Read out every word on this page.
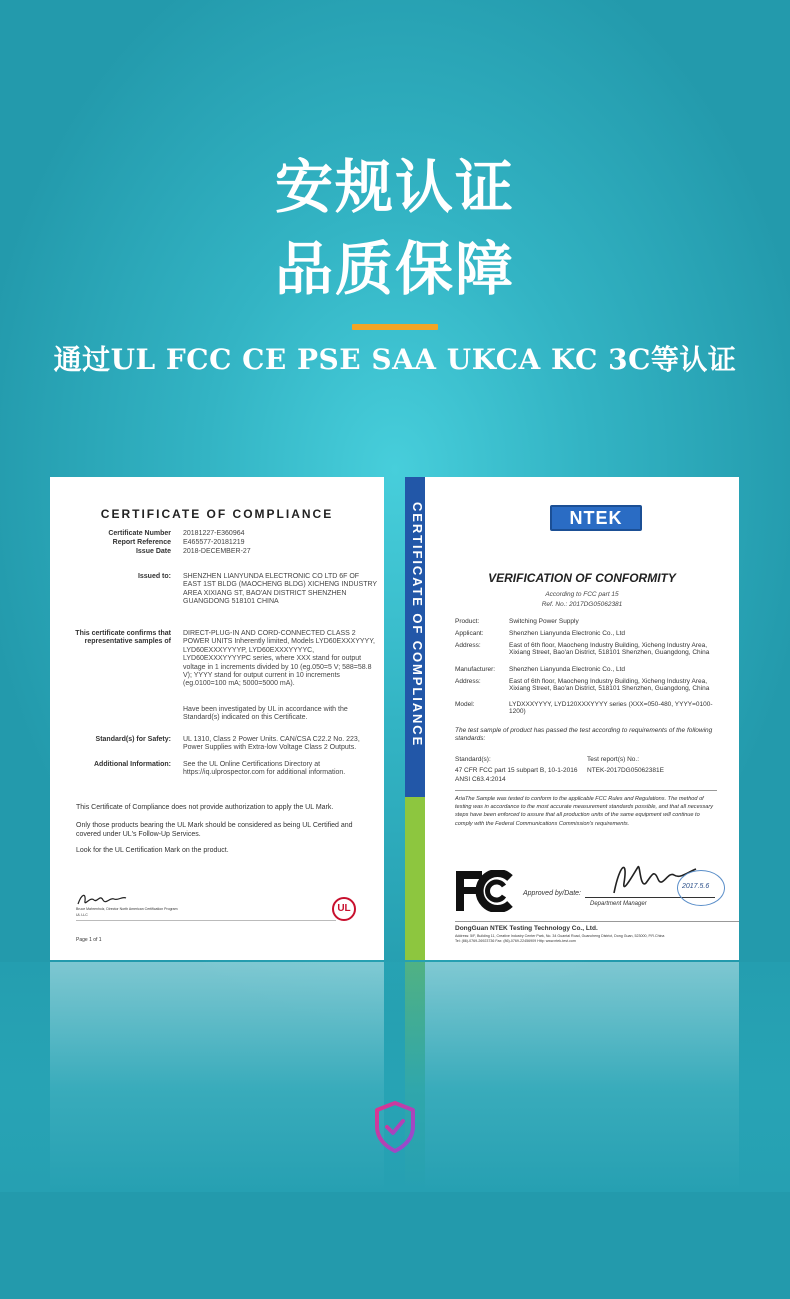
安规认证
品质保障
通过UL FCC CE PSE SAA UKCA KC 3C等认证
CERTIFICATE OF COMPLIANCE
Certificate Number 20181227-E360964
Report Reference E465577-20181219
Issue Date 2018-DECEMBER-27
Issued to: SHENZHEN LIANYUNDA ELECTRONIC CO LTD 6F OF EAST 1ST BLDG (MAOCHENG BLDG) XICHENG INDUSTRY AREA XIXIANG ST, BAO'AN DISTRICT SHENZHEN GUANGDONG 518101 CHINA
This certificate confirms that representative samples of
DIRECT-PLUG-IN AND CORD-CONNECTED CLASS 2 POWER UNITS Inherently limited, Models LYD60EXXXYYYY, LYD60EXXXYYYYP, LYD60EXXXYYYYC, LYD60EXXXYYYYPC series, where XXX stand for output voltage in 1 increments divided by 10 (eg.050=5 V; 588=58.8 V); YYYY stand for output current in 10 increments (eg.0100=100 mA; 5000=5000 mA).
Have been investigated by UL in accordance with the Standard(s) indicated on this Certificate.
Standard(s) for Safety: UL 1310, Class 2 Power Units. CAN/CSA C22.2 No. 223, Power Supplies with Extra-low Voltage Class 2 Outputs.
Additional Information: See the UL Online Certifications Directory at https://iq.ulprospector.com for additional information.
This Certificate of Compliance does not provide authorization to apply the UL Mark.
Only those products bearing the UL Mark should be considered as being UL Certified and covered under UL's Follow-Up Services.
Look for the UL Certification Mark on the product.
Bruce Mahrenholz, Director North American Certification Program
UL LLC
Page 1 of 1
UL
CERTIFICATE OF COMPLIANCE	NTEK
VERIFICATION OF CONFORMITY
According to FCC part 15
Ref. No.: 2017DG05062381
Product:	Switching Power Supply
Applicant:	Shenzhen Lianyunda Electronic Co., Ltd
Address:	East of 6th floor, Maocheng Industry Building, Xicheng Industry Area, Xixiang Street, Bao'an District, 518101 Shenzhen, Guangdong, China
Manufacturer:	Shenzhen Lianyunda Electronic Co., Ltd
Address:	East of 6th floor, Maocheng Industry Building, Xicheng Industry Area, Xixiang Street, Bao'an District, 518101 Shenzhen, Guangdong, China
Model:	LYDXXXYYYY, LYD120XXXYYYY series (XXX=050-480, YYYY=0100-1200)
The test sample of product has passed the test according to requirements of the following standards:
Standard(s):	Test report(s) No.:
47 CFR FCC part 15 subpart B, 10-1-2016	NTEK-2017DG05062381E
ANSI C63.4:2014
AriaThe Sample was tested to conform to the applicable FCC Rules and Regulations. The method of testing was in accordance to the most accurate measurement standards possible, and that all necessary steps have been enforced to assure that all production units of the same equipment will continue to comply with the Federal Communications Commission's requirements.
Approved by/Date:
2017.5.6
Department Manager
DongGuan NTEK Testing Technology Co., Ltd.
Address: 5/F, Building 11, Creative Industry Center Park, No. 34 Guantai Road, Guancheng District, Dong Guan, 523000, P.R.China
Tel: (86)-0769-26923736 Fax: (86)-0769-22456909 Http: www.ntek-test.com
